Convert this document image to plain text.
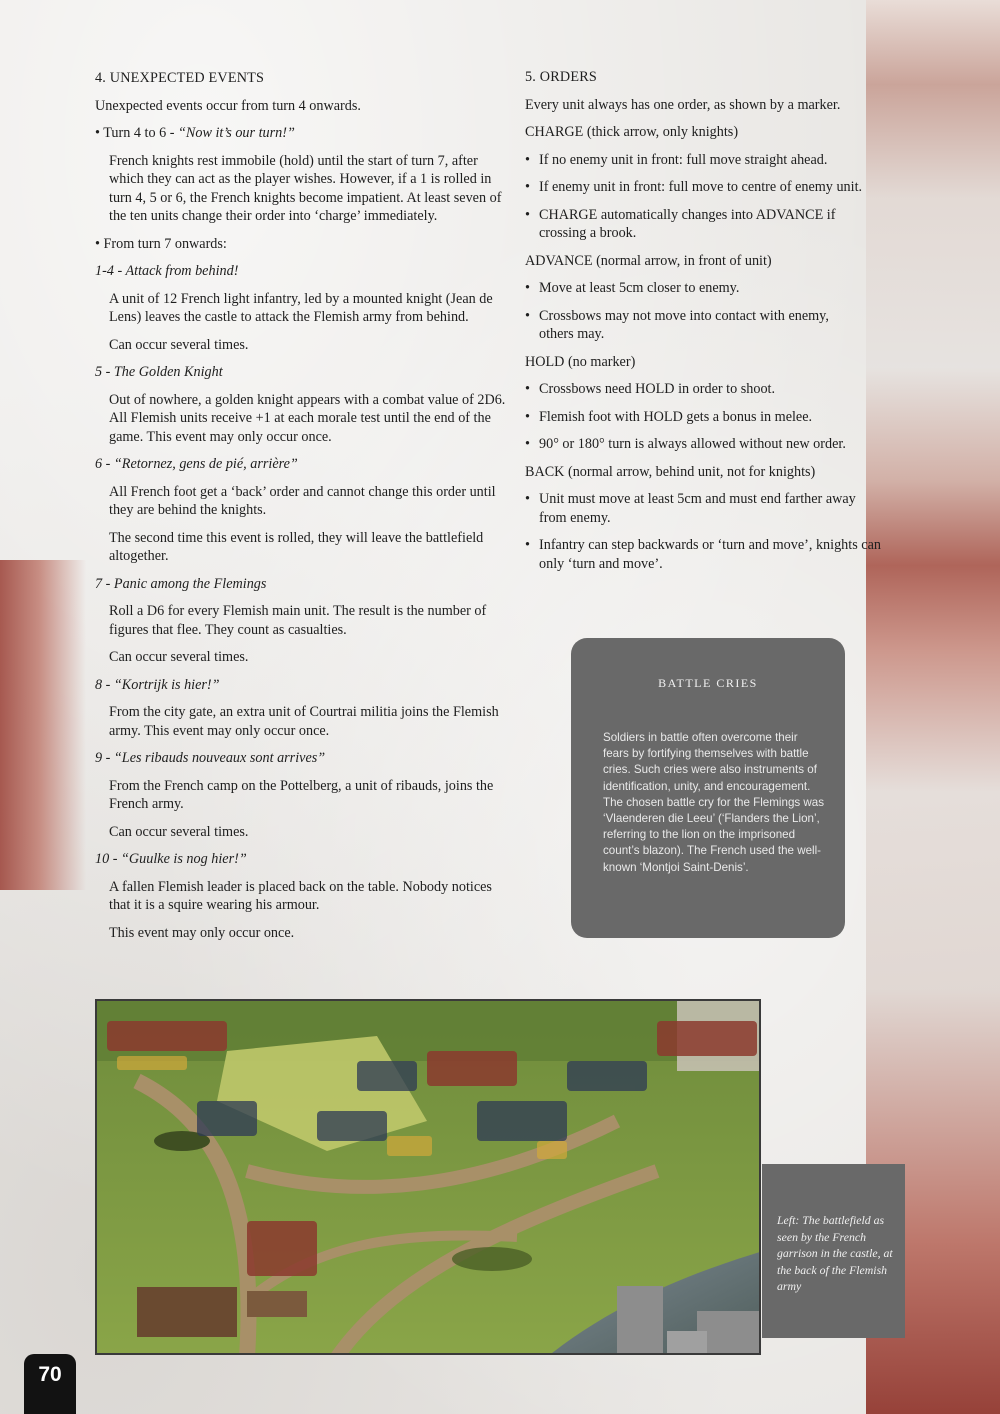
4. UNEXPECTED EVENTS

Unexpected events occur from turn 4 onwards.

• Turn 4 to 6 - “Now it’s our turn!”

French knights rest immobile (hold) until the start of turn 7, after which they can act as the player wishes. However, if a 1 is rolled in turn 4, 5 or 6, the French knights become impatient. At least seven of the ten units change their order into ‘charge’ immediately.

• From turn 7 onwards:

1-4 - Attack from behind!

A unit of 12 French light infantry, led by a mounted knight (Jean de Lens) leaves the castle to attack the Flemish army from behind.

Can occur several times.

5 - The Golden Knight

Out of nowhere, a golden knight appears with a combat value of 2D6. All Flemish units receive +1 at each morale test until the end of the game. This event may only occur once.

6 - “Retornez, gens de pié, arrière”

All French foot get a ‘back’ order and cannot change this order until they are behind the knights.

The second time this event is rolled, they will leave the battlefield altogether.

7 - Panic among the Flemings

Roll a D6 for every Flemish main unit. The result is the number of figures that flee. They count as casualties.

Can occur several times.

8 - “Kortrijk is hier!”

From the city gate, an extra unit of Courtrai militia joins the Flemish army. This event may only occur once.

9 - “Les ribauds nouveaux sont arrives”

From the French camp on the Pottelberg, a unit of ribauds, joins the French army.

Can occur several times.

10 - “Guulke is nog hier!”

A fallen Flemish leader is placed back on the table. Nobody notices that it is a squire wearing his armour.

This event may only occur once.

5. ORDERS

Every unit always has one order, as shown by a marker.

CHARGE (thick arrow, only knights)

• If no enemy unit in front: full move straight ahead.
• If enemy unit in front: full move to centre of enemy unit.
• CHARGE automatically changes into ADVANCE if crossing a brook.

ADVANCE (normal arrow, in front of unit)

• Move at least 5cm closer to enemy.
• Crossbows may not move into contact with enemy, others may.

HOLD (no marker)

• Crossbows need HOLD in order to shoot.
• Flemish foot with HOLD gets a bonus in melee.
• 90° or 180° turn is always allowed without new order.

BACK (normal arrow, behind unit, not for knights)

• Unit must move at least 5cm and must end farther away from enemy.
• Infantry can step backwards or ‘turn and move’, knights can only ‘turn and move’.
BATTLE CRIES
Soldiers in battle often overcome their fears by fortifying themselves with battle cries. Such cries were also instruments of identification, unity, and encouragement. The chosen battle cry for the Flemings was ‘Vlaenderen die Leeu’ (‘Flanders the Lion’, referring to the lion on the imprisoned count’s blazon). The French used the well-known ‘Montjoi Saint-Denis’.
Left: The battlefield as seen by the French garrison in the castle, at the back of the Flemish army
70
